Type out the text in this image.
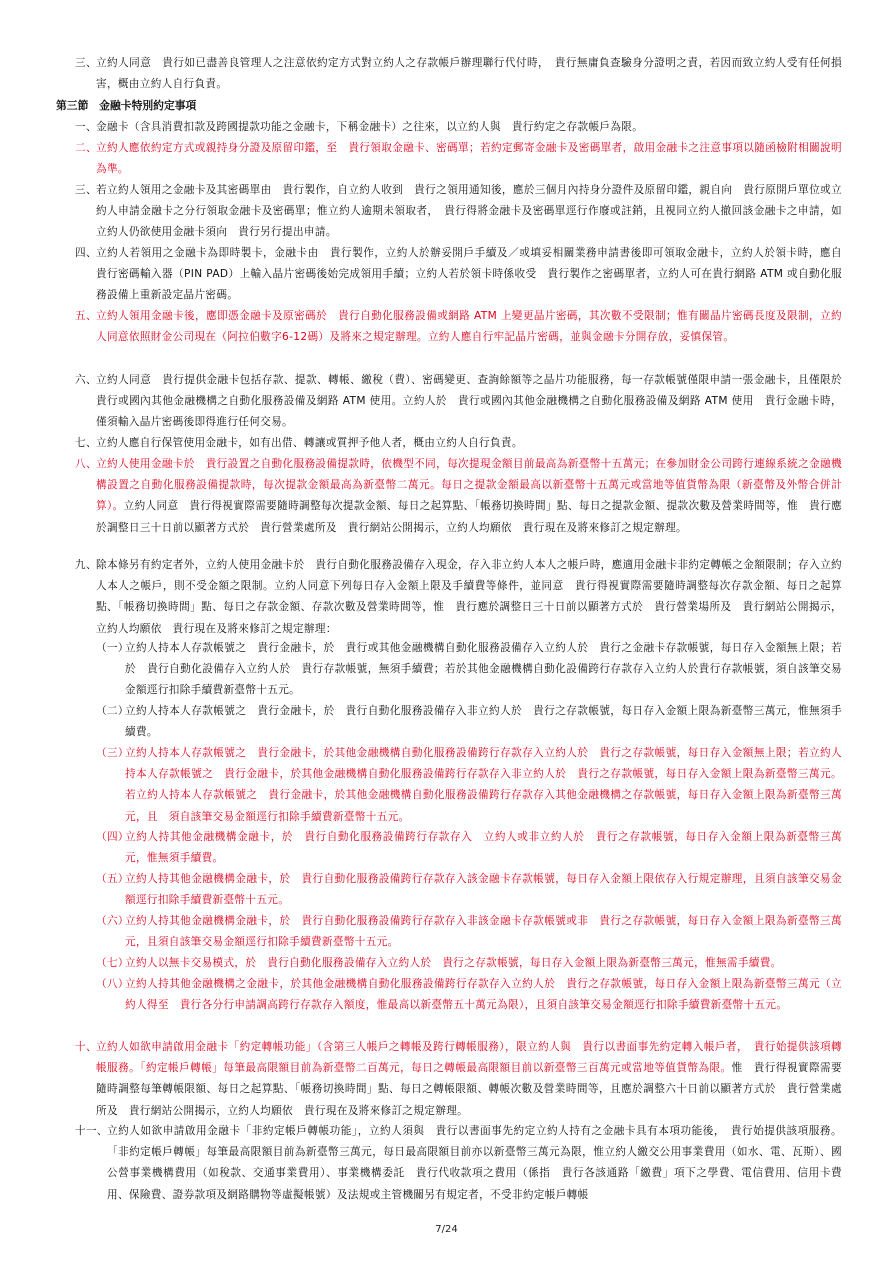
三、 立約人同意　貴行如已盡善良管理人之注意依約定方式對立約人之存款帳戶辦理聯行代付時，　貴行無庸負查驗身分證明之責，若因而致立約人受有任何損害，概由立約人自行負責。
第三節　金融卡特別約定事項
一、 金融卡（含具消費扣款及跨國提款功能之金融卡，下稱金融卡）之往來，以立約人與　貴行約定之存款帳戶為限。
二、 立約人應依約定方式或親持身分證及原留印鑑，至　貴行領取金融卡、密碼單；若約定郵寄金融卡及密碼單者，啟用金融卡之注意事項以隨函檢附相關說明為準。
三、 若立約人領用之金融卡及其密碼單由　貴行製作，自立約人收到　貴行之領用通知後，應於三個月內持身分證件及原留印鑑，親自向　貴行原開戶單位或立約人申請金融卡之分行領取金融卡及密碼單；惟立約人逾期未領取者，　貴行得將金融卡及密碼單逕行作廢或註銷，且視同立約人撤回該金融卡之申請，如立約人仍欲使用金融卡須向　貴行另行提出申請。
四、 立約人若領用之金融卡為即時製卡，金融卡由　貴行製作，立約人於辦妥開戶手續及／或填妥相關業務申請書後即可領取金融卡，立約人於領卡時，應自　貴行密碼輸入器（PIN PAD）上輸入晶片密碼後始完成領用手續；立約人若於領卡時係收受　貴行製作之密碼單者，立約人可在貴行網路 ATM 或自動化服務設備上重新設定晶片密碼。
五、 立約人領用金融卡後，應即憑金融卡及原密碼於　貴行自動化服務設備或網路 ATM 上變更晶片密碼，其次數不受限制；惟有關晶片密碼長度及限制，立約人同意依照財金公司現在（阿拉伯數字6-12碼）及將來之規定辦理。立約人應自行牢記晶片密碼，並與金融卡分開存放，妥慎保管。
六、 立約人同意　貴行提供金融卡包括存款、提款、轉帳、繳稅（費）、密碼變更、查詢餘額等之晶片功能服務，每一存款帳號僅限申請一張金融卡，且僅限於　貴行或國內其他金融機構之自動化服務設備及網路 ATM 使用。立約人於　貴行或國內其他金融機構之自動化服務設備及網路 ATM 使用　貴行金融卡時，僅須輸入晶片密碼後即得進行任何交易。
七、 立約人應自行保管使用金融卡，如有出借、轉讓或質押予他人者，概由立約人自行負責。
八、 立約人使用金融卡於　貴行設置之自動化服務設備提款時，依機型不同，每次提現金額目前最高為新臺幣十五萬元；在參加財金公司跨行連線系統之金融機構設置之自動化服務設備提款時，每次提款金額最高為新臺幣二萬元。每日之提款金額最高以新臺幣十五萬元或當地等值貨幣為限（新臺幣及外幣合併計算）。立約人同意　貴行得視實際需要隨時調整每次提款金額、每日之起算點、「帳務切換時間」點、每日之提款金額、提款次數及營業時間等，惟　貴行應於調整日三十日前以顯著方式於　貴行營業處所及　貴行網站公開揭示，立約人均願依　貴行現在及將來修訂之規定辦理。
九、 除本條另有約定者外，立約人使用金融卡於　貴行自動化服務設備存入現金，存入非立約人本人之帳戶時，應適用金融卡非約定轉帳之金額限制；存入立約人本人之帳戶，則不受金額之限制。立約人同意下列每日存入金額上限及手續費等條件，並同意　貴行得視實際需要隨時調整每次存款金額、每日之起算點、「帳務切換時間」點、每日之存款金額、存款次數及營業時間等，惟　貴行應於調整日三十日前以顯著方式於　貴行營業場所及　貴行網站公開揭示，立約人均願依　貴行現在及將來修訂之規定辦理：
（一）
立約人持本人存款帳號之　貴行金融卡，於　貴行或其他金融機構自動化服務設備存入立約人於　貴行之金融卡存款帳號，每日存入金額無上限；若於　貴行自動化設備存入立約人於　貴行存款帳號，無須手續費；若於其他金融機構自動化設備跨行存款存入立約人於貴行存款帳號，須自該筆交易金額逕行扣除手續費新臺幣十五元。
（二）
立約人持本人存款帳號之　貴行金融卡，於　貴行自動化服務設備存入非立約人於　貴行之存款帳號，每日存入金額上限為新臺幣三萬元，惟無須手續費。
（三）
立約人持本人存款帳號之　貴行金融卡，於其他金融機構自動化服務設備跨行存款存入立約人於　貴行之存款帳號，每日存入金額無上限；若立約人持本人存款帳號之　貴行金融卡，於其他金融機構自動化服務設備跨行存款存入非立約人於　貴行之存款帳號，每日存入金額上限為新臺幣三萬元。若立約人持本人存款帳號之　貴行金融卡，於其他金融機構自動化服務設備跨行存款存入其他金融機構之存款帳號，每日存入金額上限為新臺幣三萬元，且　須自該筆交易金額逕行扣除手續費新臺幣十五元。
（四）
立約人持其他金融機構金融卡，於　貴行自動化服務設備跨行存款存入　立約人或非立約人於　貴行之存款帳號，每日存入金額上限為新臺幣三萬元，惟無須手續費。
（五）
立約人持其他金融機構金融卡，於　貴行自動化服務設備跨行存款存入該金融卡存款帳號，每日存入金額上限依存入行規定辦理，且須自該筆交易金額逕行扣除手續費新臺幣十五元。
（六）
立約人持其他金融機構金融卡，於　貴行自動化服務設備跨行存款存入非該金融卡存款帳號或非　貴行之存款帳號，每日存入金額上限為新臺幣三萬元，且須自該筆交易金額逕行扣除手續費新臺幣十五元。
（七）
立約人以無卡交易模式，於　貴行自動化服務設備存入立約人於　貴行之存款帳號，每日存入金額上限為新臺幣三萬元，惟無需手續費。
（八）
立約人持其他金融機構之金融卡，於其他金融機構自動化服務設備跨行存款存入立約人於　貴行之存款帳號，每日存入金額上限為新臺幣三萬元（立約人得至　貴行各分行申請調高跨行存款存入額度，惟最高以新臺幣五十萬元為限），且須自該筆交易金額逕行扣除手續費新臺幣十五元。
十、 立約人如欲申請啟用金融卡「約定轉帳功能」（含第三人帳戶之轉帳及跨行轉帳服務），限立約人與　貴行以書面事先約定轉入帳戶者，　貴行始提供該項轉帳服務。「約定帳戶轉帳」每筆最高限額目前為新臺幣二百萬元，每日之轉帳最高限額目前以新臺幣三百萬元或當地等值貨幣為限。惟　貴行得視實際需要隨時調整每筆轉帳限額、每日之起算點、「帳務切換時間」點、每日之轉帳限額、轉帳次數及營業時間等，且應於調整六十日前以顯著方式於　貴行營業處所及　貴行網站公開揭示，立約人均願依　貴行現在及將來修訂之規定辦理。
十一、 立約人如欲申請啟用金融卡「非約定帳戶轉帳功能」，立約人須與　貴行以書面事先約定立約人持有之金融卡具有本項功能後，　貴行始提供該項服務。「非約定帳戶轉帳」每筆最高限額目前為新臺幣三萬元，每日最高限額目前亦以新臺幣三萬元為限，惟立約人繳交公用事業費用（如水、電、瓦斯）、國公營事業機構費用（如稅款、交通事業費用）、事業機構委託　貴行代收款項之費用（係指　貴行各該通路「繳費」項下之學費、電信費用、信用卡費用、保險費、證券款項及網路購物等虛擬帳號）及法規或主管機關另有規定者，不受非約定帳戶轉帳
7/24
